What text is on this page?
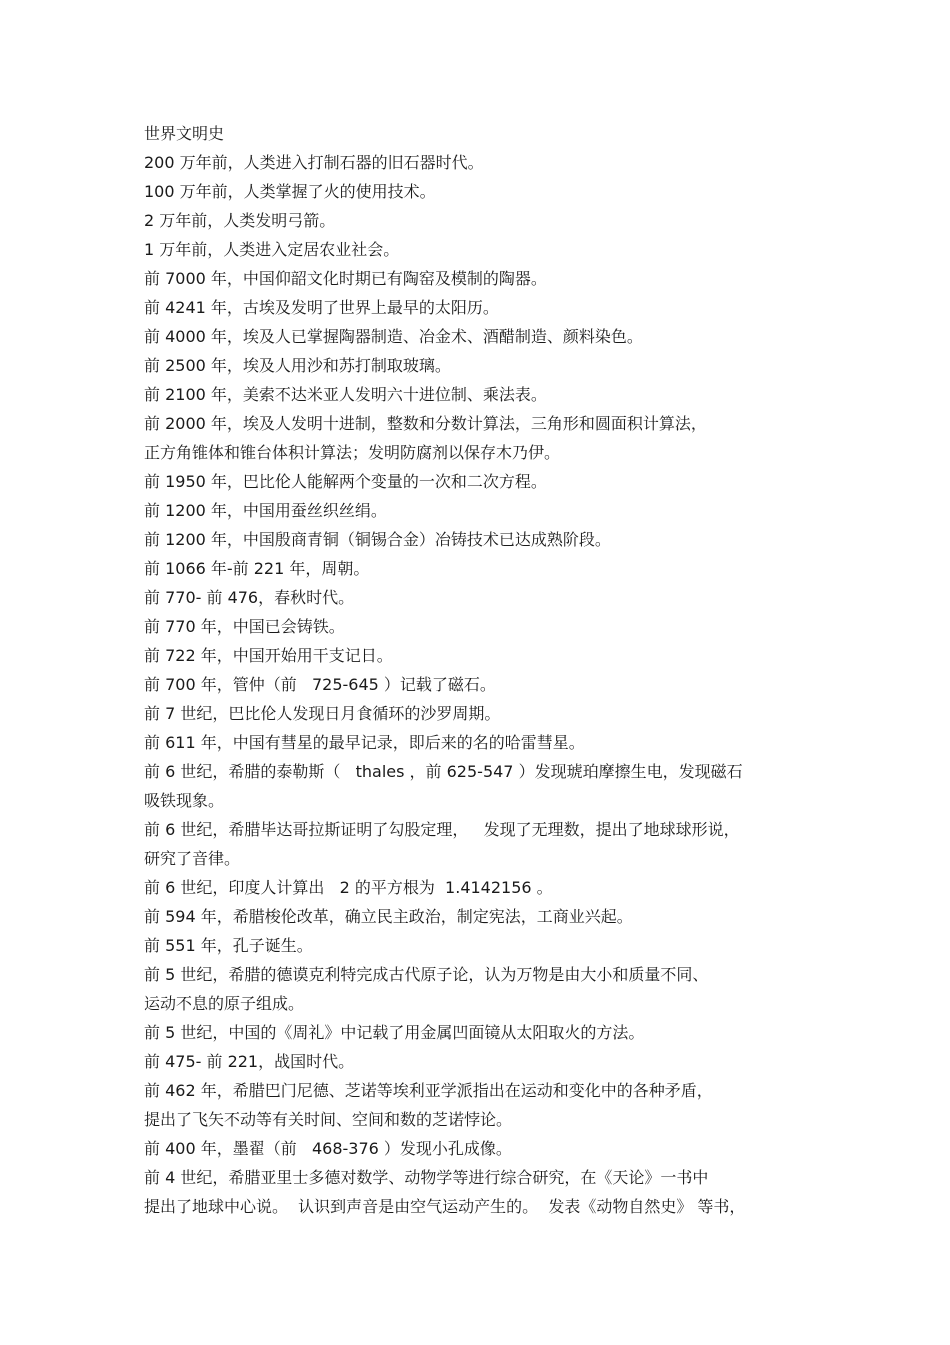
世界文明史
200 万年前，人类进入打制石器的旧石器时代。
100 万年前，人类掌握了火的使用技术。
2 万年前，人类发明弓箭。
1 万年前，人类进入定居农业社会。
前 7000 年，中国仰韶文化时期已有陶窑及模制的陶器。
前 4241 年，古埃及发明了世界上最早的太阳历。
前 4000 年，埃及人已掌握陶器制造、冶金术、酒醋制造、颜料染色。
前 2500 年，埃及人用沙和苏打制取玻璃。
前 2100 年，美索不达米亚人发明六十进位制、乘法表。
前 2000 年，埃及人发明十进制，整数和分数计算法，三角形和圆面积计算法，
正方角锥体和锥台体积计算法；发明防腐剂以保存木乃伊。
前 1950 年，巴比伦人能解两个变量的一次和二次方程。
前 1200 年，中国用蚕丝织丝绢。
前 1200 年，中国殷商青铜（铜锡合金）冶铸技术已达成熟阶段。
前 1066 年-前 221 年，周朝。
前 770- 前 476，春秋时代。
前 770 年，中国已会铸铁。
前 722 年，中国开始用干支记日。
前 700 年，管仲（前   725-645 ）记载了磁石。
前 7 世纪，巴比伦人发现日月食循环的沙罗周期。
前 611 年，中国有彗星的最早记录，即后来的名的哈雷彗星。
前 6 世纪，希腊的泰勒斯（   thales ，前 625-547 ）发现琥珀摩擦生电，发现磁石
吸铁现象。
前 6 世纪，希腊毕达哥拉斯证明了勾股定理，   发现了无理数，提出了地球球形说，
研究了音律。
前 6 世纪，印度人计算出   2 的平方根为  1.4142156 。
前 594 年，希腊梭伦改革，确立民主政治，制定宪法，工商业兴起。
前 551 年，孔子诞生。
前 5 世纪，希腊的德谟克利特完成古代原子论，认为万物是由大小和质量不同、
运动不息的原子组成。
前 5 世纪，中国的《周礼》中记载了用金属凹面镜从太阳取火的方法。
前 475- 前 221，战国时代。
前 462 年，希腊巴门尼德、芝诺等埃利亚学派指出在运动和变化中的各种矛盾，
提出了飞矢不动等有关时间、空间和数的芝诺悖论。
前 400 年，墨翟（前   468-376 ）发现小孔成像。
前 4 世纪，希腊亚里士多德对数学、动物学等进行综合研究，在《天论》一书中
提出了地球中心说。  认识到声音是由空气运动产生的。  发表《动物自然史》 等书，
